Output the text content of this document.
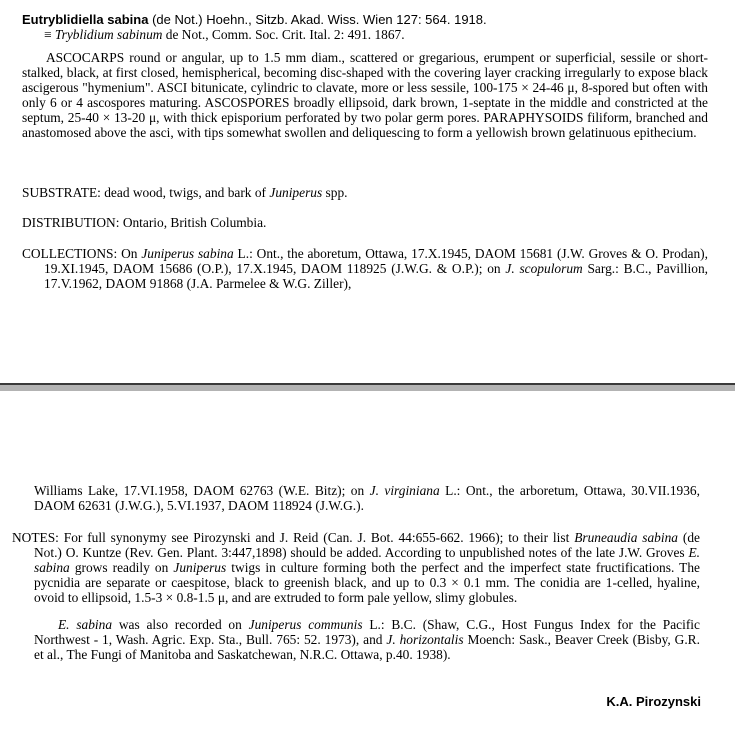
Eutryblidiella sabina (de Not.) Hoehn., Sitzb. Akad. Wiss. Wien 127: 564. 1918.
≡ Tryblidium sabinum de Not., Comm. Soc. Crit. Ital. 2: 491. 1867.

ASCOCARPS round or angular, up to 1.5 mm diam., scattered or gregarious, erumpent or superficial, sessile or short-stalked, black, at first closed, hemispherical, becoming disc-shaped with the covering layer cracking irregularly to expose black ascigerous "hymenium". ASCI bitunicate, cylindric to clavate, more or less sessile, 100-175 × 24-46 μ, 8-spored but often with only 6 or 4 ascospores maturing. ASCOSPORES broadly ellipsoid, dark brown, 1-septate in the middle and constricted at the septum, 25-40 × 13-20 μ, with thick episporium perforated by two polar germ pores. PARAPHYSOIDS filiform, branched and anastomosed above the asci, with tips somewhat swollen and deliquescing to form a yellowish brown gelatinuous epithecium.

SUBSTRATE: dead wood, twigs, and bark of Juniperus spp.

DISTRIBUTION: Ontario, British Columbia.

COLLECTIONS: On Juniperus sabina L.: Ont., the aboretum, Ottawa, 17.X.1945, DAOM 15681 (J.W. Groves & O. Prodan), 19.XI.1945, DAOM 15686 (O.P.), 17.X.1945, DAOM 118925 (J.W.G. & O.P.); on J. scopulorum Sarg.: B.C., Pavillion, 17.V.1962, DAOM 91868 (J.A. Parmelee & W.G. Ziller),

Williams Lake, 17.VI.1958, DAOM 62763 (W.E. Bitz); on J. virginiana L.: Ont., the arboretum, Ottawa, 30.VII.1936, DAOM 62631 (J.W.G.), 5.VI.1937, DAOM 118924 (J.W.G.).

NOTES: For full synonymy see Pirozynski and J. Reid (Can. J. Bot. 44:655-662. 1966); to their list Bruneaudia sabina (de Not.) O. Kuntze (Rev. Gen. Plant. 3:447,1898) should be added. According to unpublished notes of the late J.W. Groves E. sabina grows readily on Juniperus twigs in culture forming both the perfect and the imperfect state fructifications. The pycnidia are separate or caespitose, black to greenish black, and up to 0.3 × 0.1 mm. The conidia are 1-celled, hyaline, ovoid to ellipsoid, 1.5-3 × 0.8-1.5 μ, and are extruded to form pale yellow, slimy globules.

E. sabina was also recorded on Juniperus communis L.: B.C. (Shaw, C.G., Host Fungus Index for the Pacific Northwest - 1, Wash. Agric. Exp. Sta., Bull. 765: 52. 1973), and J. horizontalis Moench: Sask., Beaver Creek (Bisby, G.R. et al., The Fungi of Manitoba and Saskatchewan, N.R.C. Ottawa, p.40. 1938).

K.A. Pirozynski
